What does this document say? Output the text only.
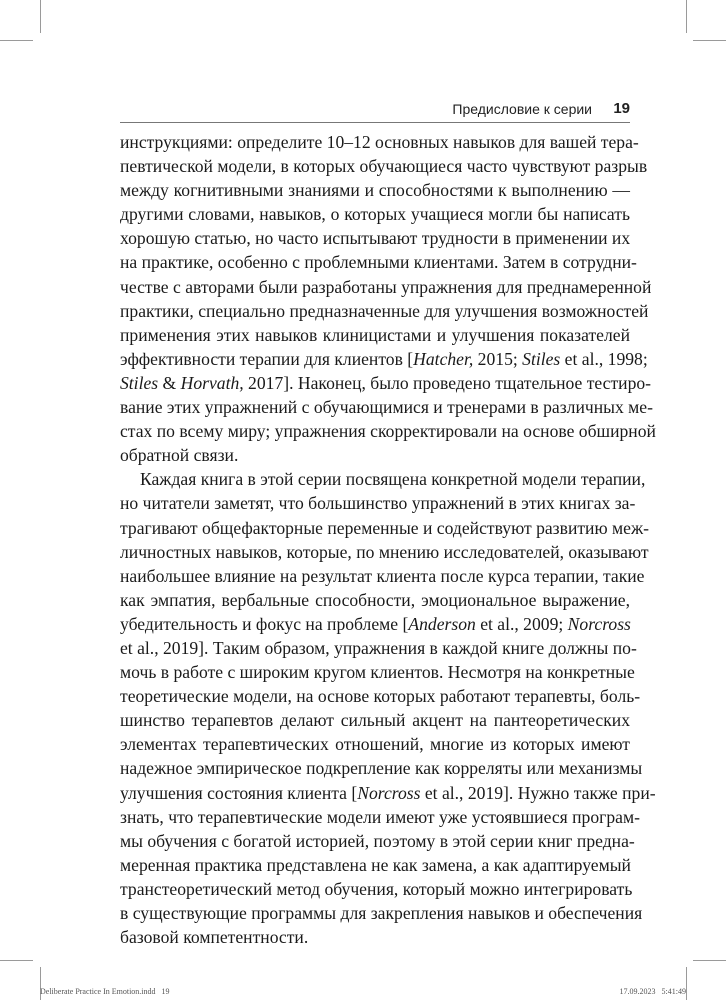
Предисловие к серии 19

инструкциями: определите 10–12 основных навыков для вашей тера-
певтической модели, в которых обучающиеся часто чувствуют разрыв
между когнитивными знаниями и способностями к выполнению —
другими словами, навыков, о которых учащиеся могли бы написать
хорошую статью, но часто испытывают трудности в применении их
на практике, особенно с проблемными клиентами. Затем в сотрудни-
честве с авторами были разработаны упражнения для преднамеренной
практики, специально предназначенные для улучшения возможностей
применения этих навыков клиницистами и улучшения показателей
эффективности терапии для клиентов [Hatcher, 2015; Stiles et al., 1998;
Stiles & Horvath, 2017]. Наконец, было проведено тщательное тестиро-
вание этих упражнений с обучающимися и тренерами в различных ме-
стах по всему миру; упражнения скорректировали на основе обширной
обратной связи.

Каждая книга в этой серии посвящена конкретной модели терапии,
но читатели заметят, что большинство упражнений в этих книгах за-
трагивают общефакторные переменные и содействуют развитию меж-
личностных навыков, которые, по мнению исследователей, оказывают
наибольшее влияние на результат клиента после курса терапии, такие
как эмпатия, вербальные способности, эмоциональное выражение,
убедительность и фокус на проблеме [Anderson et al., 2009; Norcross
et al., 2019]. Таким образом, упражнения в каждой книге должны по-
мочь в работе с широким кругом клиентов. Несмотря на конкретные
теоретические модели, на основе которых работают терапевты, боль-
шинство терапевтов делают сильный акцент на пантеоретических
элементах терапевтических отношений, многие из которых имеют
надежное эмпирическое подкрепление как корреляты или механизмы
улучшения состояния клиента [Norcross et al., 2019]. Нужно также при-
знать, что терапевтические модели имеют уже устоявшиеся програм-
мы обучения с богатой историей, поэтому в этой серии книг предна-
меренная практика представлена не как замена, а как адаптируемый
транстеоретический метод обучения, который можно интегрировать
в существующие программы для закрепления навыков и обеспечения
базовой компетентности.

Deliberate Practice In Emotion.indd   19	17.09.2023   5:41:49
